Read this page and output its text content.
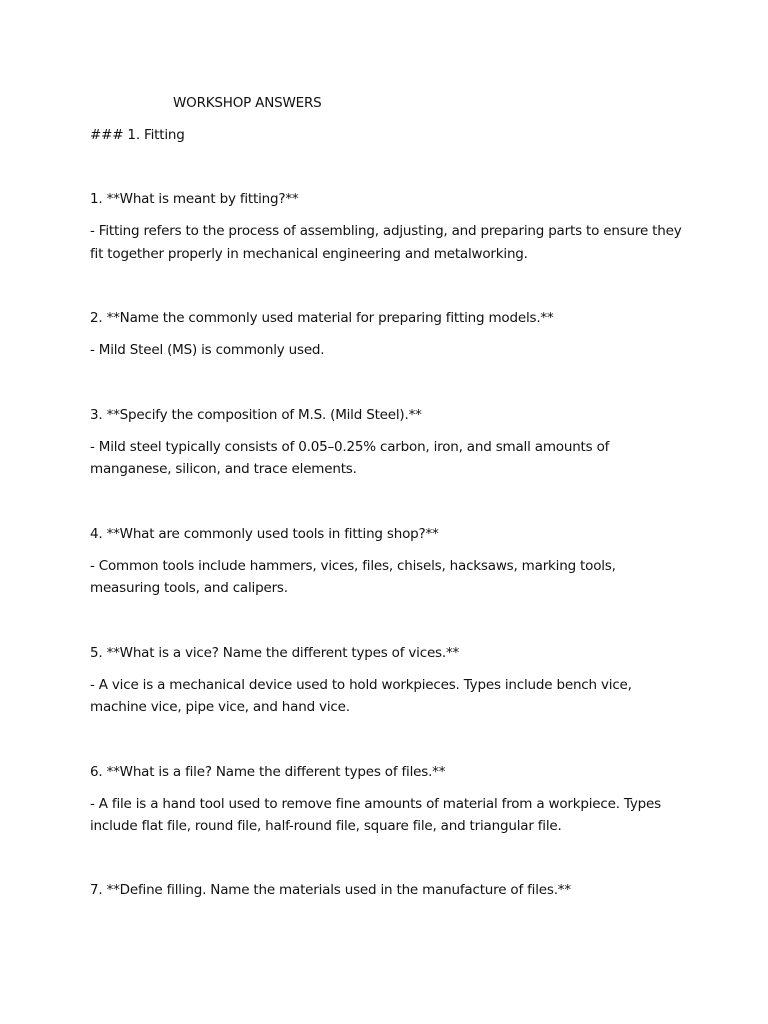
WORKSHOP ANSWERS
### 1. Fitting
1. **What is meant by fitting?**
- Fitting refers to the process of assembling, adjusting, and preparing parts to ensure they
fit together properly in mechanical engineering and metalworking.
2. **Name the commonly used material for preparing fitting models.**
- Mild Steel (MS) is commonly used.
3. **Specify the composition of M.S. (Mild Steel).**
- Mild steel typically consists of 0.05–0.25% carbon, iron, and small amounts of
manganese, silicon, and trace elements.
4. **What are commonly used tools in fitting shop?**
- Common tools include hammers, vices, files, chisels, hacksaws, marking tools,
measuring tools, and calipers.
5. **What is a vice? Name the different types of vices.**
- A vice is a mechanical device used to hold workpieces. Types include bench vice,
machine vice, pipe vice, and hand vice.
6. **What is a file? Name the different types of files.**
- A file is a hand tool used to remove fine amounts of material from a workpiece. Types
include flat file, round file, half-round file, square file, and triangular file.
7. **Define filling. Name the materials used in the manufacture of files.**
